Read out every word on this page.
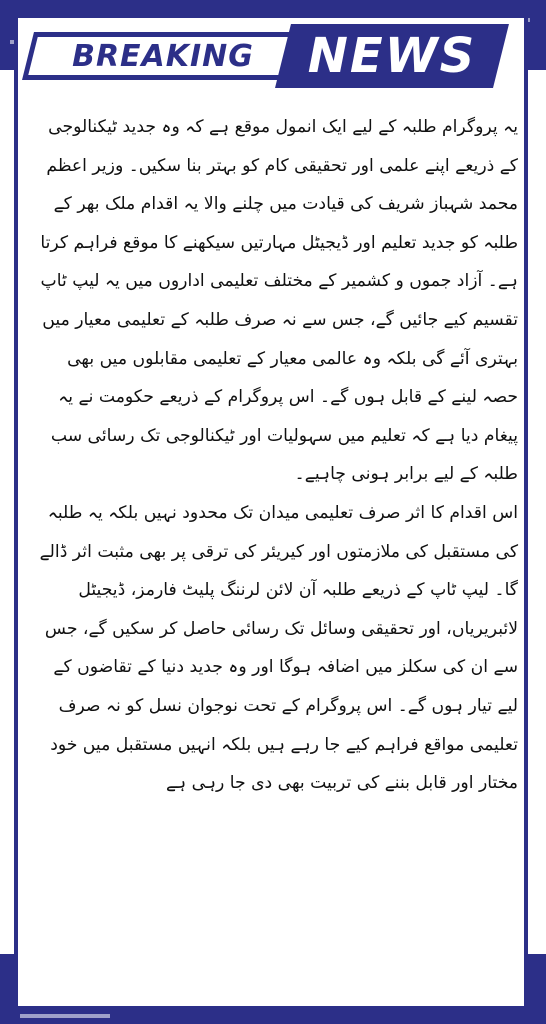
BREAKING	NEWS

یہ پروگرام طلبہ کے لیے ایک انمول موقع ہے کہ وہ جدید ٹیکنالوجی کے ذریعے اپنے علمی اور تحقیقی کام کو بہتر بنا سکیں۔ وزیر اعظم محمد شہباز شریف کی قیادت میں چلنے والا یہ اقدام ملک بھر کے طلبہ کو جدید تعلیم اور ڈیجیٹل مہارتیں سیکھنے کا موقع فراہم کرتا ہے۔ آزاد جموں و کشمیر کے مختلف تعلیمی اداروں میں یہ لیپ ٹاپ تقسیم کیے جائیں گے، جس سے نہ صرف طلبہ کے تعلیمی معیار میں بہتری آئے گی بلکہ وہ عالمی معیار کے تعلیمی مقابلوں میں بھی حصہ لینے کے قابل ہوں گے۔ اس پروگرام کے ذریعے حکومت نے یہ پیغام دیا ہے کہ تعلیم میں سہولیات اور ٹیکنالوجی تک رسائی سب طلبہ کے لیے برابر ہونی چاہیے۔

اس اقدام کا اثر صرف تعلیمی میدان تک محدود نہیں بلکہ یہ طلبہ کی مستقبل کی ملازمتوں اور کیریئر کی ترقی پر بھی مثبت اثر ڈالے گا۔ لیپ ٹاپ کے ذریعے طلبہ آن لائن لرننگ پلیٹ فارمز، ڈیجیٹل لائبریریاں، اور تحقیقی وسائل تک رسائی حاصل کر سکیں گے، جس سے ان کی سکلز میں اضافہ ہوگا اور وہ جدید دنیا کے تقاضوں کے لیے تیار ہوں گے۔ اس پروگرام کے تحت نوجوان نسل کو نہ صرف تعلیمی مواقع فراہم کیے جا رہے ہیں بلکہ انہیں مستقبل میں خود مختار اور قابل بننے کی تربیت بھی دی جا رہی ہے
